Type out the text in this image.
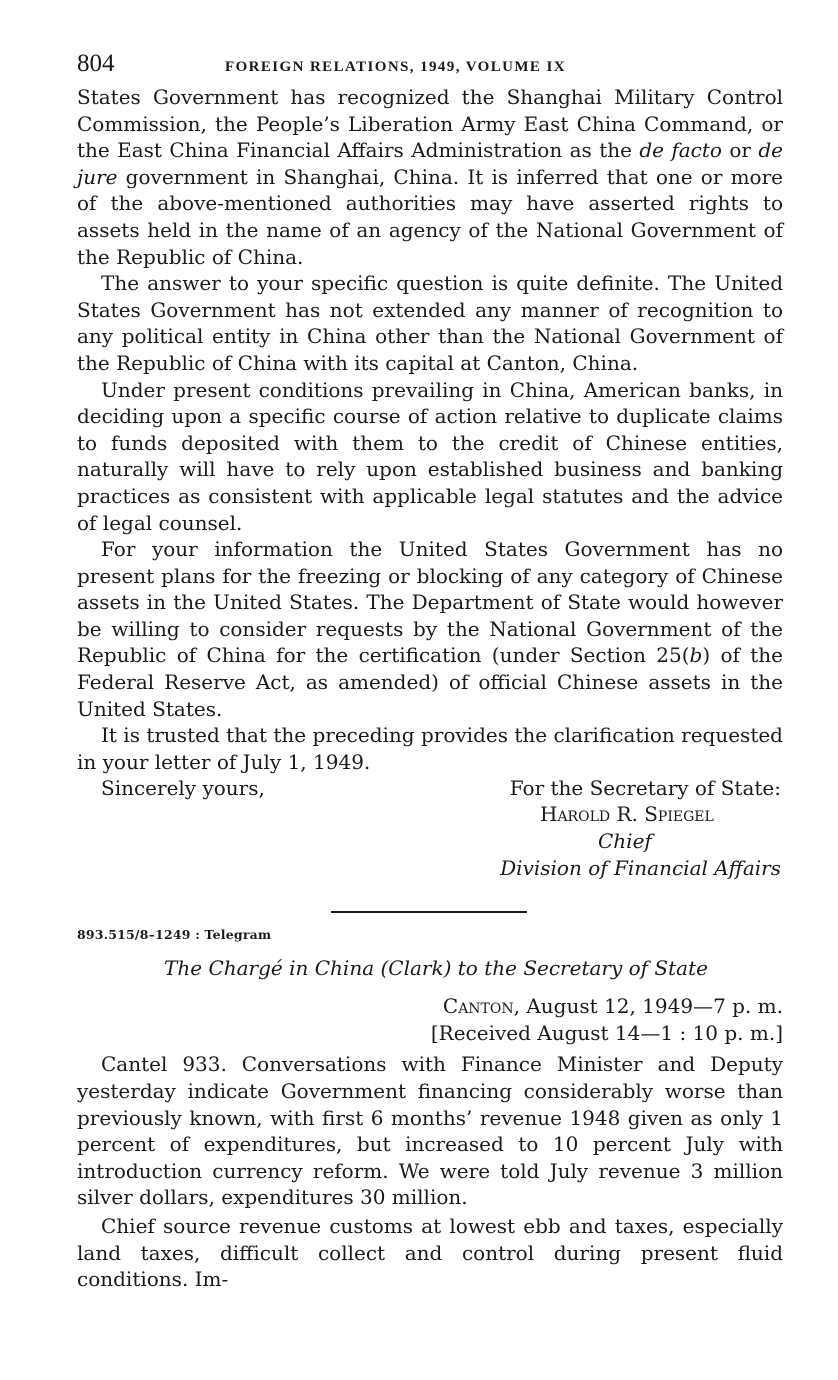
804	FOREIGN RELATIONS, 1949, VOLUME IX

States Government has recognized the Shanghai Military Control Commission, the People’s Liberation Army East China Command, or the East China Financial Affairs Administration as the de facto or de jure government in Shanghai, China. It is inferred that one or more of the above-mentioned authorities may have asserted rights to assets held in the name of an agency of the National Government of the Republic of China.

The answer to your specific question is quite definite. The United States Government has not extended any manner of recognition to any political entity in China other than the National Government of the Republic of China with its capital at Canton, China.

Under present conditions prevailing in China, American banks, in deciding upon a specific course of action relative to duplicate claims to funds deposited with them to the credit of Chinese entities, naturally will have to rely upon established business and banking practices as consistent with applicable legal statutes and the advice of legal counsel.

For your information the United States Government has no present plans for the freezing or blocking of any category of Chinese assets in the United States. The Department of State would however be willing to consider requests by the National Government of the Republic of China for the certification (under Section 25(b) of the Federal Reserve Act, as amended) of official Chinese assets in the United States.

It is trusted that the preceding provides the clarification requested in your letter of July 1, 1949.

Sincerely yours,	For the Secretary of State:
Harold R. Spiegel
Chief
Division of Financial Affairs
893.515/8–1249 : Telegram
The Chargé in China (Clark) to the Secretary of State
Canton, August 12, 1949—7 p. m.
[Received August 14—1 : 10 p. m.]

Cantel 933. Conversations with Finance Minister and Deputy yesterday indicate Government financing considerably worse than previously known, with first 6 months’ revenue 1948 given as only 1 percent of expenditures, but increased to 10 percent July with introduction currency reform. We were told July revenue 3 million silver dollars, expenditures 30 million.

Chief source revenue customs at lowest ebb and taxes, especially land taxes, difficult collect and control during present fluid conditions. Im-
